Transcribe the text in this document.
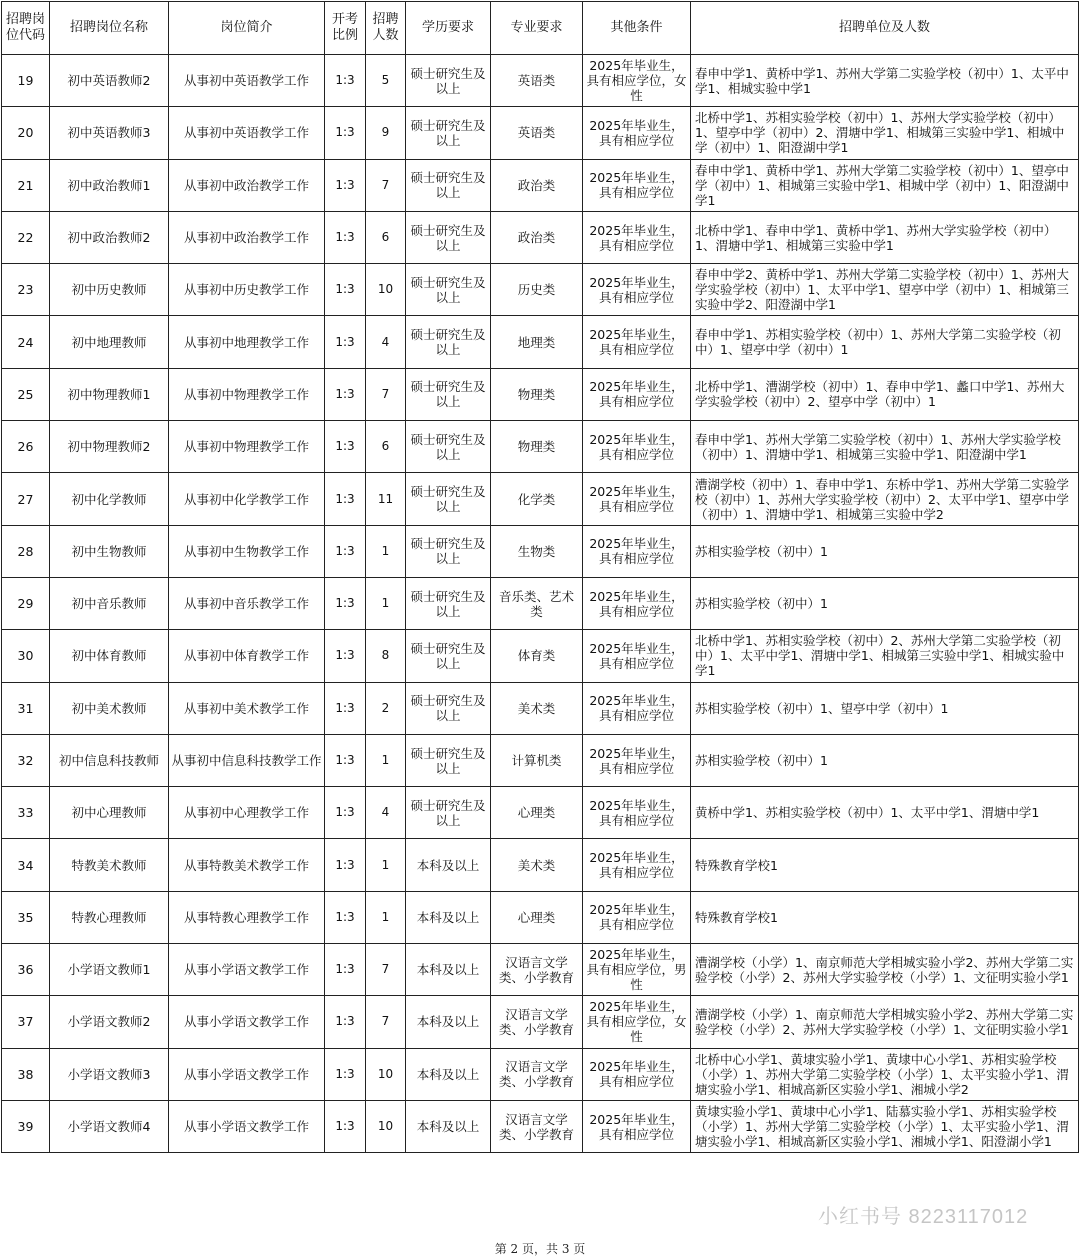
招聘岗位代码	招聘岗位名称	岗位简介	开考比例	招聘人数	学历要求	专业要求	其他条件	招聘单位及人数
19	初中英语教师2	从事初中英语教学工作	1:3	5	硕士研究生及以上	英语类	2025年毕业生，具有相应学位，女性	春申中学1、黄桥中学1、苏州大学第二实验学校（初中）1、太平中学1、相城实验中学1
20	初中英语教师3	从事初中英语教学工作	1:3	9	硕士研究生及以上	英语类	2025年毕业生，具有相应学位	北桥中学1、苏相实验学校（初中）1、苏州大学实验学校（初中）1、望亭中学（初中）2、渭塘中学1、相城第三实验中学1、相城中学（初中）1、阳澄湖中学1
21	初中政治教师1	从事初中政治教学工作	1:3	7	硕士研究生及以上	政治类	2025年毕业生，具有相应学位	春申中学1、黄桥中学1、苏州大学第二实验学校（初中）1、望亭中学（初中）1、相城第三实验中学1、相城中学（初中）1、阳澄湖中学1
22	初中政治教师2	从事初中政治教学工作	1:3	6	硕士研究生及以上	政治类	2025年毕业生，具有相应学位	北桥中学1、春申中学1、黄桥中学1、苏州大学实验学校（初中）1、渭塘中学1、相城第三实验中学1
23	初中历史教师	从事初中历史教学工作	1:3	10	硕士研究生及以上	历史类	2025年毕业生，具有相应学位	春申中学2、黄桥中学1、苏州大学第二实验学校（初中）1、苏州大学实验学校（初中）1、太平中学1、望亭中学（初中）1、相城第三实验中学2、阳澄湖中学1
24	初中地理教师	从事初中地理教学工作	1:3	4	硕士研究生及以上	地理类	2025年毕业生，具有相应学位	春申中学1、苏相实验学校（初中）1、苏州大学第二实验学校（初中）1、望亭中学（初中）1
25	初中物理教师1	从事初中物理教学工作	1:3	7	硕士研究生及以上	物理类	2025年毕业生，具有相应学位	北桥中学1、漕湖学校（初中）1、春申中学1、蠡口中学1、苏州大学实验学校（初中）2、望亭中学（初中）1
26	初中物理教师2	从事初中物理教学工作	1:3	6	硕士研究生及以上	物理类	2025年毕业生，具有相应学位	春申中学1、苏州大学第二实验学校（初中）1、苏州大学实验学校（初中）1、渭塘中学1、相城第三实验中学1、阳澄湖中学1
27	初中化学教师	从事初中化学教学工作	1:3	11	硕士研究生及以上	化学类	2025年毕业生，具有相应学位	漕湖学校（初中）1、春申中学1、东桥中学1、苏州大学第二实验学校（初中）1、苏州大学实验学校（初中）2、太平中学1、望亭中学（初中）1、渭塘中学1、相城第三实验中学2
28	初中生物教师	从事初中生物教学工作	1:3	1	硕士研究生及以上	生物类	2025年毕业生，具有相应学位	苏相实验学校（初中）1
29	初中音乐教师	从事初中音乐教学工作	1:3	1	硕士研究生及以上	音乐类、艺术类	2025年毕业生，具有相应学位	苏相实验学校（初中）1
30	初中体育教师	从事初中体育教学工作	1:3	8	硕士研究生及以上	体育类	2025年毕业生，具有相应学位	北桥中学1、苏相实验学校（初中）2、苏州大学第二实验学校（初中）1、太平中学1、渭塘中学1、相城第三实验中学1、相城实验中学1
31	初中美术教师	从事初中美术教学工作	1:3	2	硕士研究生及以上	美术类	2025年毕业生，具有相应学位	苏相实验学校（初中）1、望亭中学（初中）1
32	初中信息科技教师	从事初中信息科技教学工作	1:3	1	硕士研究生及以上	计算机类	2025年毕业生，具有相应学位	苏相实验学校（初中）1
33	初中心理教师	从事初中心理教学工作	1:3	4	硕士研究生及以上	心理类	2025年毕业生，具有相应学位	黄桥中学1、苏相实验学校（初中）1、太平中学1、渭塘中学1
34	特教美术教师	从事特教美术教学工作	1:3	1	本科及以上	美术类	2025年毕业生，具有相应学位	特殊教育学校1
35	特教心理教师	从事特教心理教学工作	1:3	1	本科及以上	心理类	2025年毕业生，具有相应学位	特殊教育学校1
36	小学语文教师1	从事小学语文教学工作	1:3	7	本科及以上	汉语言文学类、小学教育	2025年毕业生，具有相应学位，男性	漕湖学校（小学）1、南京师范大学相城实验小学2、苏州大学第二实验学校（小学）2、苏州大学实验学校（小学）1、文征明实验小学1
37	小学语文教师2	从事小学语文教学工作	1:3	7	本科及以上	汉语言文学类、小学教育	2025年毕业生，具有相应学位，女性	漕湖学校（小学）1、南京师范大学相城实验小学2、苏州大学第二实验学校（小学）2、苏州大学实验学校（小学）1、文征明实验小学1
38	小学语文教师3	从事小学语文教学工作	1:3	10	本科及以上	汉语言文学类、小学教育	2025年毕业生，具有相应学位	北桥中心小学1、黄埭实验小学1、黄埭中心小学1、苏相实验学校（小学）1、苏州大学第二实验学校（小学）1、太平实验小学1、渭塘实验小学1、相城高新区实验小学1、湘城小学2
39	小学语文教师4	从事小学语文教学工作	1:3	10	本科及以上	汉语言文学类、小学教育	2025年毕业生，具有相应学位	黄埭实验小学1、黄埭中心小学1、陆慕实验小学1、苏相实验学校（小学）1、苏州大学第二实验学校（小学）1、太平实验小学1、渭塘实验小学1、相城高新区实验小学1、湘城小学1、阳澄湖小学1
小红书号 8223117012
第 2 页，共 3 页
